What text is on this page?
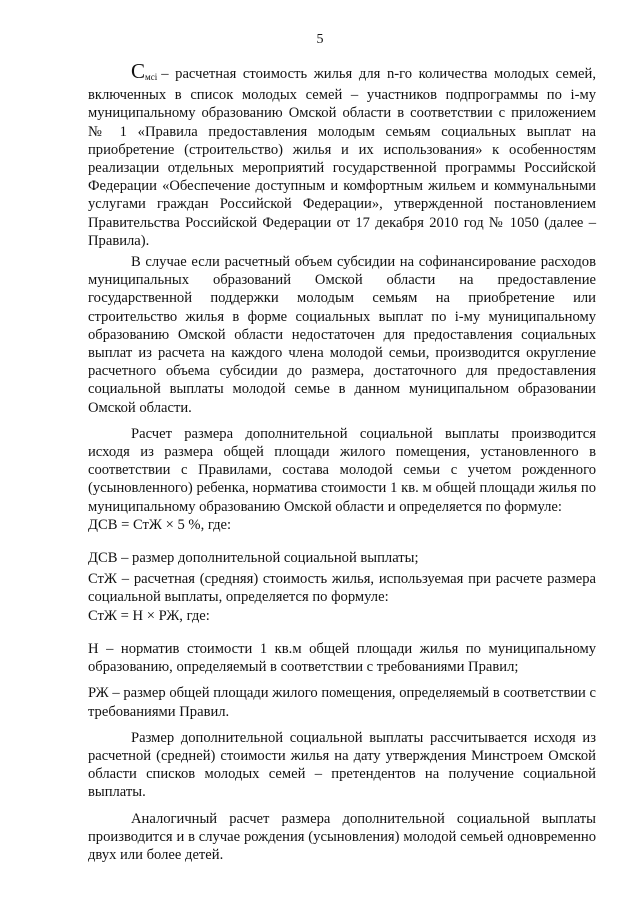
5

$С_{мсі}$ – расчетная стоимость жилья для n-го количества молодых семей, включенных в список молодых семей – участников подпрограммы по і-му муниципальному образованию Омской области в соответствии с приложением № 1 «Правила предоставления молодым семьям социальных выплат на приобретение (строительство) жилья и их использования» к особенностям реализации отдельных мероприятий государственной программы Российской Федерации «Обеспечение доступным и комфортным жильем и коммунальными услугами граждан Российской Федерации», утвержденной постановлением Правительства Российской Федерации от 17 декабря 2010 год № 1050 (далее – Правила).

В случае если расчетный объем субсидии на софинансирование расходов муниципальных образований Омской области на предоставление государственной поддержки молодым семьям на приобретение или строительство жилья в форме социальных выплат по і-му муниципальному образованию Омской области недостаточен для предоставления социальных выплат из расчета на каждого члена молодой семьи, производится округление расчетного объема субсидии до размера, достаточного для предоставления социальной выплаты молодой семье в данном муниципальном образовании Омской области.

Расчет размера дополнительной социальной выплаты производится исходя из размера общей площади жилого помещения, установленного в соответствии с Правилами, состава молодой семьи с учетом рожденного (усыновленного) ребенка, норматива стоимости 1 кв. м общей площади жилья по муниципальному образованию Омской области и определяется по формуле:

ДСВ = СтЖ × 5 %, где:

ДСВ – размер дополнительной социальной выплаты;

СтЖ – расчетная (средняя) стоимость жилья, используемая при расчете размера социальной выплаты, определяется по формуле:

СтЖ = Н × РЖ, где:

Н – норматив стоимости 1 кв.м общей площади жилья по муниципальному образованию, определяемый в соответствии с требованиями Правил;

РЖ – размер общей площади жилого помещения, определяемый в соответствии с требованиями Правил.

Размер дополнительной социальной выплаты рассчитывается исходя из расчетной (средней) стоимости жилья на дату утверждения Минстроем Омской области списков молодых семей – претендентов на получение социальной выплаты.

Аналогичный расчет размера дополнительной социальной выплаты производится и в случае рождения (усыновления) молодой семьей одновременно двух или более детей.
